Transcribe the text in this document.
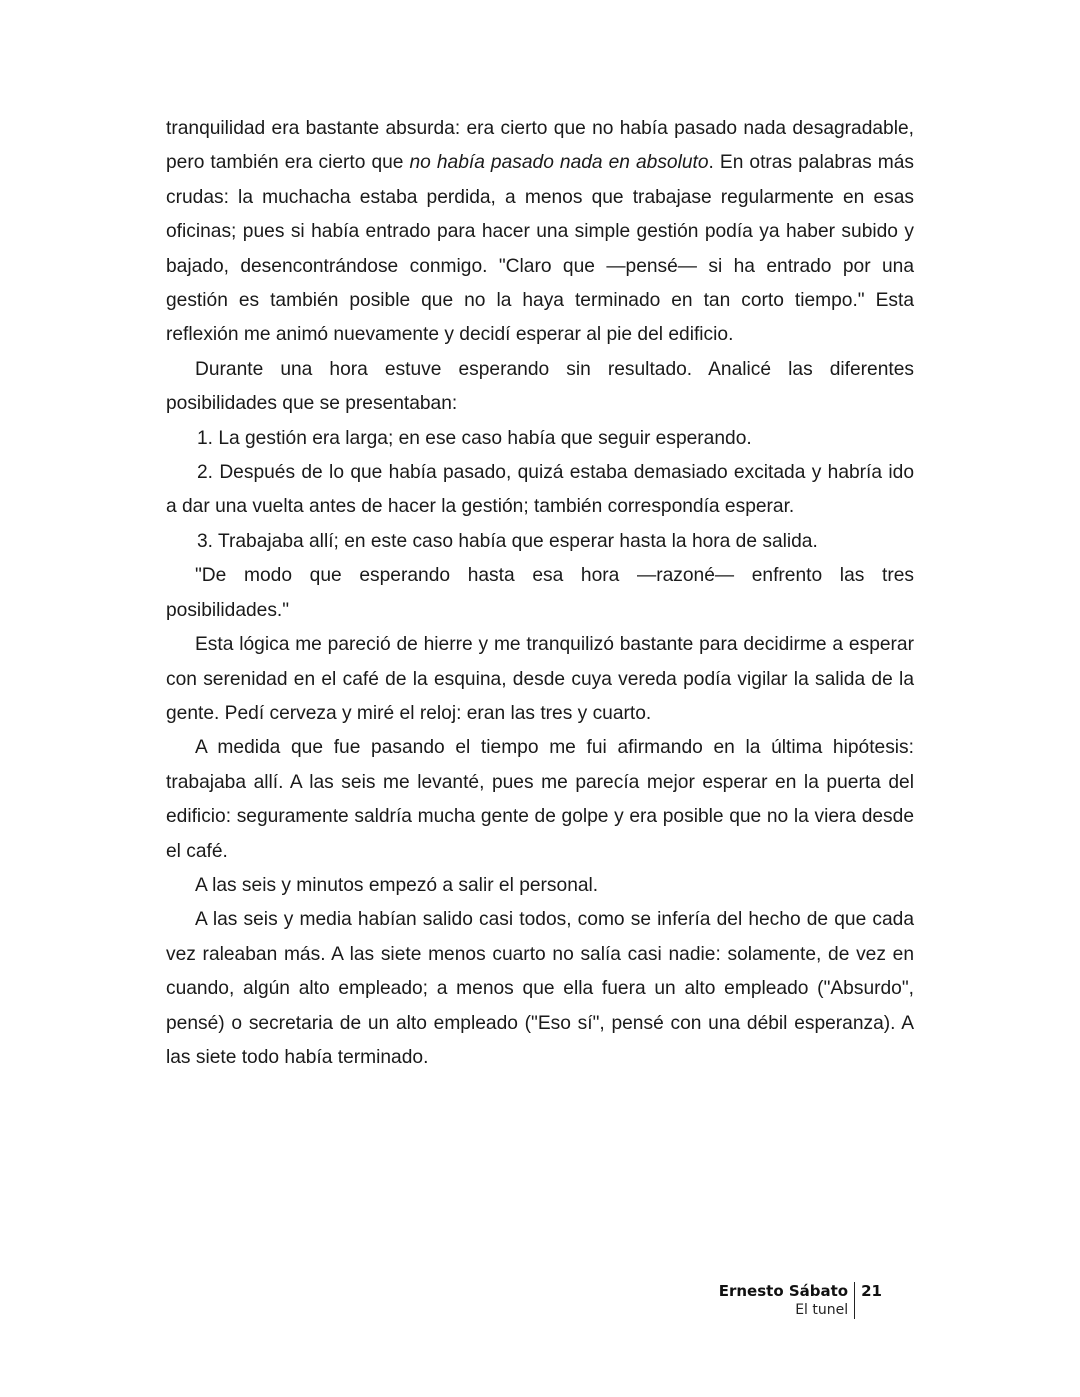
tranquilidad era bastante absurda: era cierto que no había pasado nada desagradable, pero también era cierto que no había pasado nada en absoluto. En otras palabras más crudas: la muchacha estaba perdida, a menos que trabajase regularmente en esas oficinas; pues si había entrado para hacer una simple gestión podía ya haber subido y bajado, desencontrándose conmigo. "Claro que —pensé— si ha entrado por una gestión es también posible que no la haya terminado en tan corto tiempo." Esta reflexión me animó nuevamente y decidí esperar al pie del edificio.

Durante una hora estuve esperando sin resultado. Analicé las diferentes posibilidades que se presentaban:

1. La gestión era larga; en ese caso había que seguir esperando.

2. Después de lo que había pasado, quizá estaba demasiado excitada y habría ido a dar una vuelta antes de hacer la gestión; también correspondía esperar.

3. Trabajaba allí; en este caso había que esperar hasta la hora de salida.

"De modo que esperando hasta esa hora —razoné— enfrento las tres posibilidades."

Esta lógica me pareció de hierre y me tranquilizó bastante para decidirme a esperar con serenidad en el café de la esquina, desde cuya vereda podía vigilar la salida de la gente. Pedí cerveza y miré el reloj: eran las tres y cuarto.

A medida que fue pasando el tiempo me fui afirmando en la última hipótesis: trabajaba allí. A las seis me levanté, pues me parecía mejor esperar en la puerta del edificio: seguramente saldría mucha gente de golpe y era posible que no la viera desde el café.

A las seis y minutos empezó a salir el personal.

A las seis y media habían salido casi todos, como se infería del hecho de que cada vez raleaban más. A las siete menos cuarto no salía casi nadie: solamente, de vez en cuando, algún alto empleado; a menos que ella fuera un alto empleado ("Absurdo", pensé) o secretaria de un alto empleado ("Eso sí", pensé con una débil esperanza). A las siete todo había terminado.

Ernesto Sábato
El tunel
21
